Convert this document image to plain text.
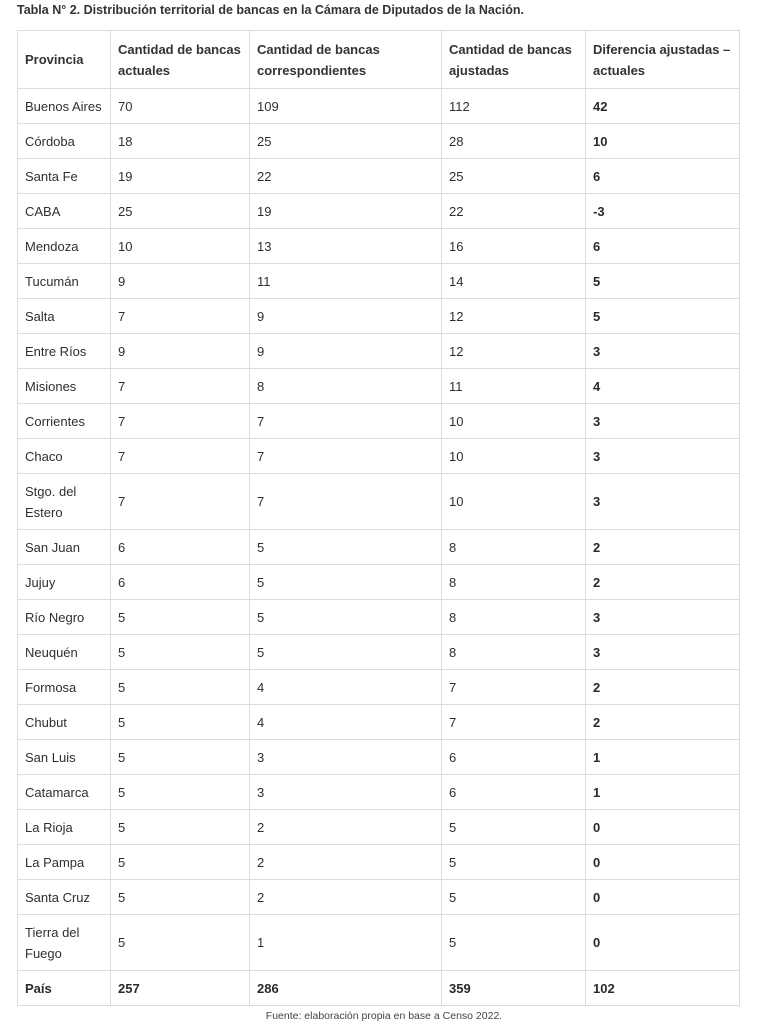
Tabla N° 2. Distribución territorial de bancas en la Cámara de Diputados de la Nación.
Provincia	Cantidad de bancas actuales	Cantidad de bancas correspondientes	Cantidad de bancas ajustadas	Diferencia ajustadas – actuales
Buenos Aires	70	109	112	42
Córdoba	18	25	28	10
Santa Fe	19	22	25	6
CABA	25	19	22	-3
Mendoza	10	13	16	6
Tucumán	9	11	14	5
Salta	7	9	12	5
Entre Ríos	9	9	12	3
Misiones	7	8	11	4
Corrientes	7	7	10	3
Chaco	7	7	10	3
Stgo. del Estero	7	7	10	3
San Juan	6	5	8	2
Jujuy	6	5	8	2
Río Negro	5	5	8	3
Neuquén	5	5	8	3
Formosa	5	4	7	2
Chubut	5	4	7	2
San Luis	5	3	6	1
Catamarca	5	3	6	1
La Rioja	5	2	5	0
La Pampa	5	2	5	0
Santa Cruz	5	2	5	0
Tierra del Fuego	5	1	5	0
País	257	286	359	102
Fuente: elaboración propia en base a Censo 2022.
